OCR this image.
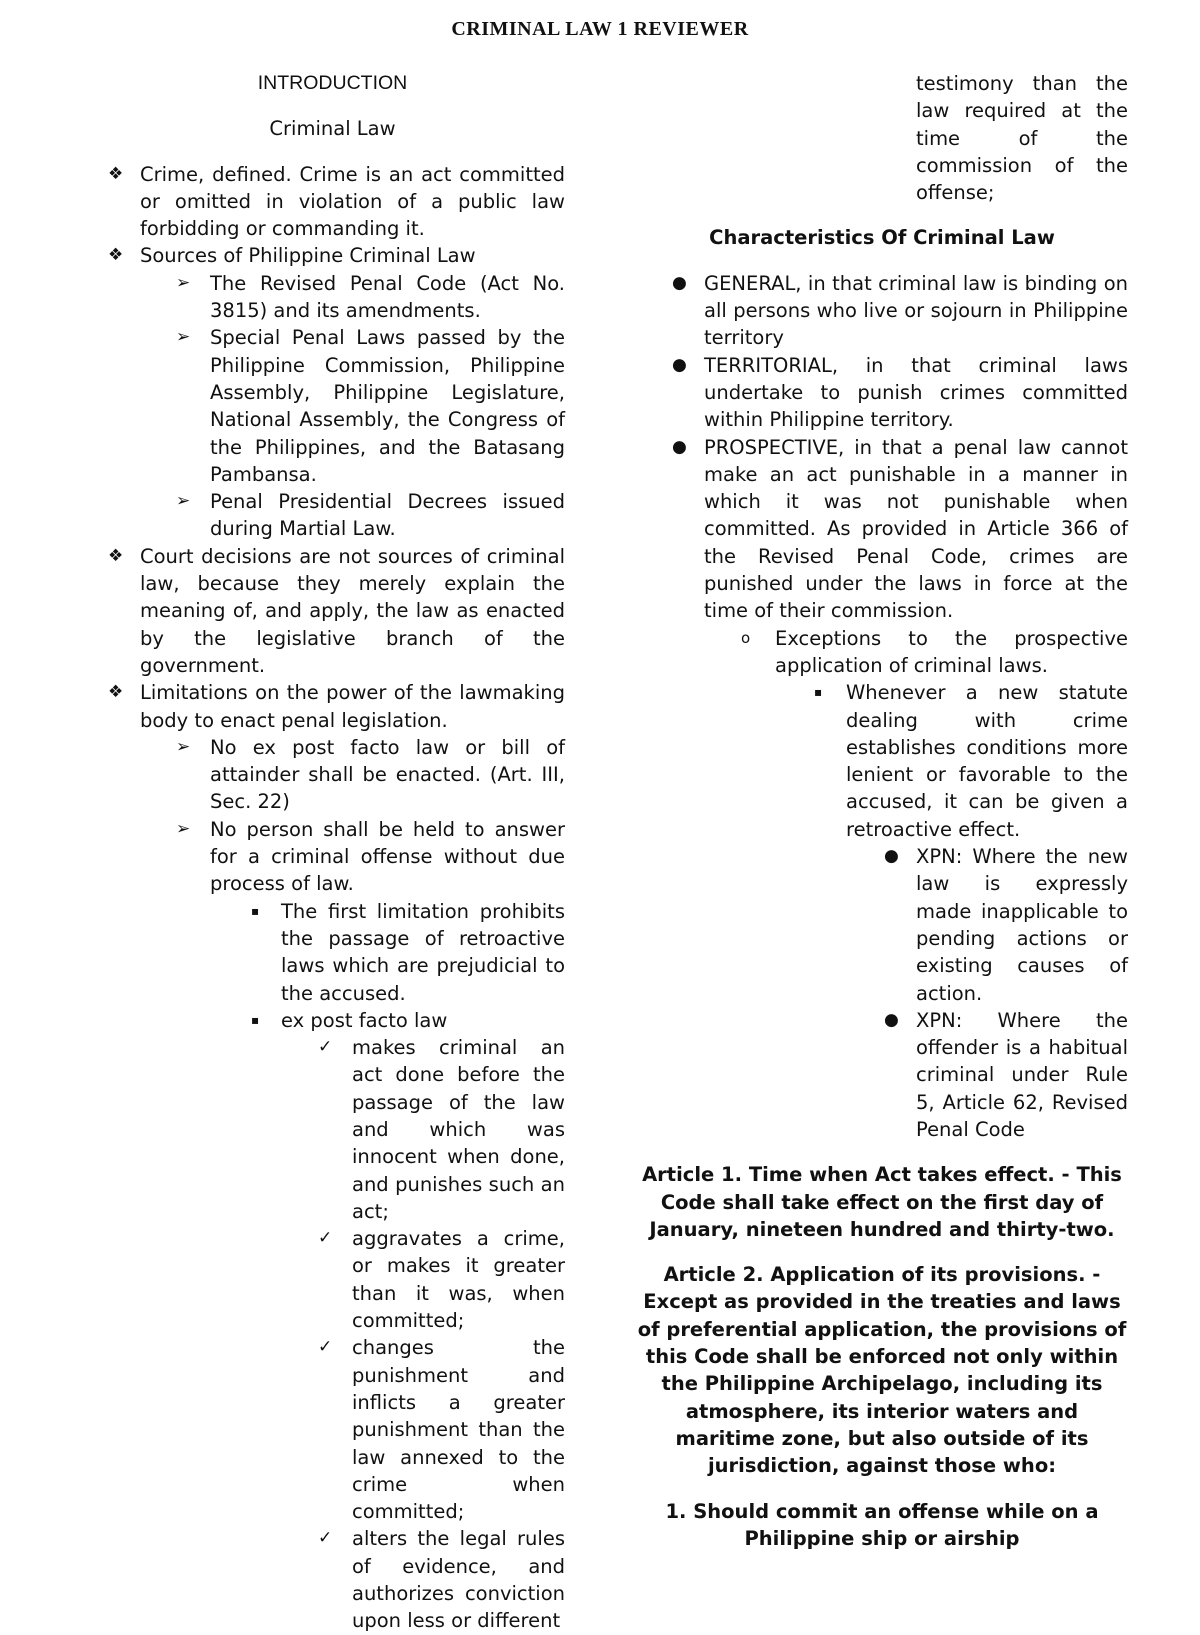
CRIMINAL LAW 1 REVIEWER

INTRODUCTION

Criminal Law

❖ Crime, defined. Crime is an act committed or omitted in violation of a public law forbidding or commanding it.
❖ Sources of Philippine Criminal Law
➢ The Revised Penal Code (Act No. 3815) and its amendments.
➢ Special Penal Laws passed by the Philippine Commission, Philippine Assembly, Philippine Legislature, National Assembly, the Congress of the Philippines, and the Batasang Pambansa.
➢ Penal Presidential Decrees issued during Martial Law.
❖ Court decisions are not sources of criminal law, because they merely explain the meaning of, and apply, the law as enacted by the legislative branch of the government.
❖ Limitations on the power of the lawmaking body to enact penal legislation.
➢ No ex post facto law or bill of attainder shall be enacted. (Art. III, Sec. 22)
➢ No person shall be held to answer for a criminal offense without due process of law.
▪ The first limitation prohibits the passage of retroactive laws which are prejudicial to the accused.
▪ ex post facto law
✓ makes criminal an act done before the passage of the law and which was innocent when done, and punishes such an act;
✓ aggravates a crime, or makes it greater than it was, when committed;
✓ changes the punishment and inflicts a greater punishment than the law annexed to the crime when committed;
✓ alters the legal rules of evidence, and authorizes conviction upon less or different

testimony than the law required at the time of the commission of the offense;

Characteristics Of Criminal Law

● GENERAL, in that criminal law is binding on all persons who live or sojourn in Philippine territory
● TERRITORIAL, in that criminal laws undertake to punish crimes committed within Philippine territory.
● PROSPECTIVE, in that a penal law cannot make an act punishable in a manner in which it was not punishable when committed. As provided in Article 366 of the Revised Penal Code, crimes are punished under the laws in force at the time of their commission.
o Exceptions to the prospective application of criminal laws.
▪ Whenever a new statute dealing with crime establishes conditions more lenient or favorable to the accused, it can be given a retroactive effect.
● XPN: Where the new law is expressly made inapplicable to pending actions or existing causes of action.
● XPN: Where the offender is a habitual criminal under Rule 5, Article 62, Revised Penal Code

Article 1. Time when Act takes effect. - This Code shall take effect on the first day of January, nineteen hundred and thirty-two.

Article 2. Application of its provisions. - Except as provided in the treaties and laws of preferential application, the provisions of this Code shall be enforced not only within the Philippine Archipelago, including its atmosphere, its interior waters and maritime zone, but also outside of its jurisdiction, against those who:

1. Should commit an offense while on a Philippine ship or airship
